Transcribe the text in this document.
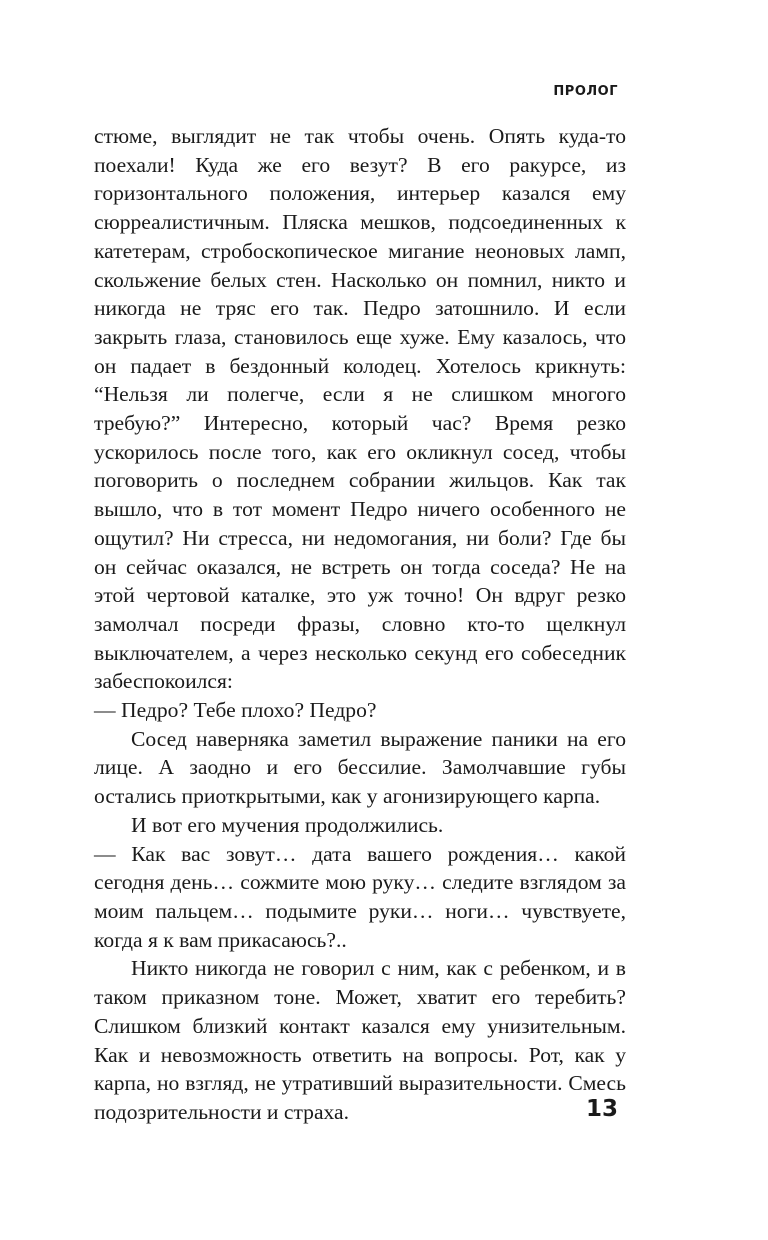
ПРОЛОГ

стюме, выглядит не так чтобы очень. Опять куда-то поехали! Куда же его везут? В его ракурсе, из горизонтального положения, интерьер казался ему сюрреалистичным. Пляска мешков, подсоединенных к катетерам, стробоскопическое мигание неоновых ламп, скольжение белых стен. Насколько он помнил, никто и никогда не тряс его так. Педро затошнило. И если закрыть глаза, становилось еще хуже. Ему казалось, что он падает в бездонный колодец. Хотелось крикнуть: “Нельзя ли полегче, если я не слишком многого требую?” Интересно, который час? Время резко ускорилось после того, как его окликнул сосед, чтобы поговорить о последнем собрании жильцов. Как так вышло, что в тот момент Педро ничего особенного не ощутил? Ни стресса, ни недомогания, ни боли? Где бы он сейчас оказался, не встреть он тогда соседа? Не на этой чертовой каталке, это уж точно! Он вдруг резко замолчал посреди фразы, словно кто-то щелкнул выключателем, а через несколько секунд его собеседник забеспокоился:

— Педро? Тебе плохо? Педро?

Сосед наверняка заметил выражение паники на его лице. А заодно и его бессилие. Замолчавшие губы остались приоткрытыми, как у агонизирующего карпа.

И вот его мучения продолжились.

— Как вас зовут… дата вашего рождения… какой сегодня день… сожмите мою руку… следите взглядом за моим пальцем… подымите руки… ноги… чувствуете, когда я к вам прикасаюсь?..

Никто никогда не говорил с ним, как с ребенком, и в таком приказном тоне. Может, хватит его теребить? Слишком близкий контакт казался ему унизительным. Как и невозможность ответить на вопросы. Рот, как у карпа, но взгляд, не утративший выразительности. Смесь подозрительности и страха.	13
